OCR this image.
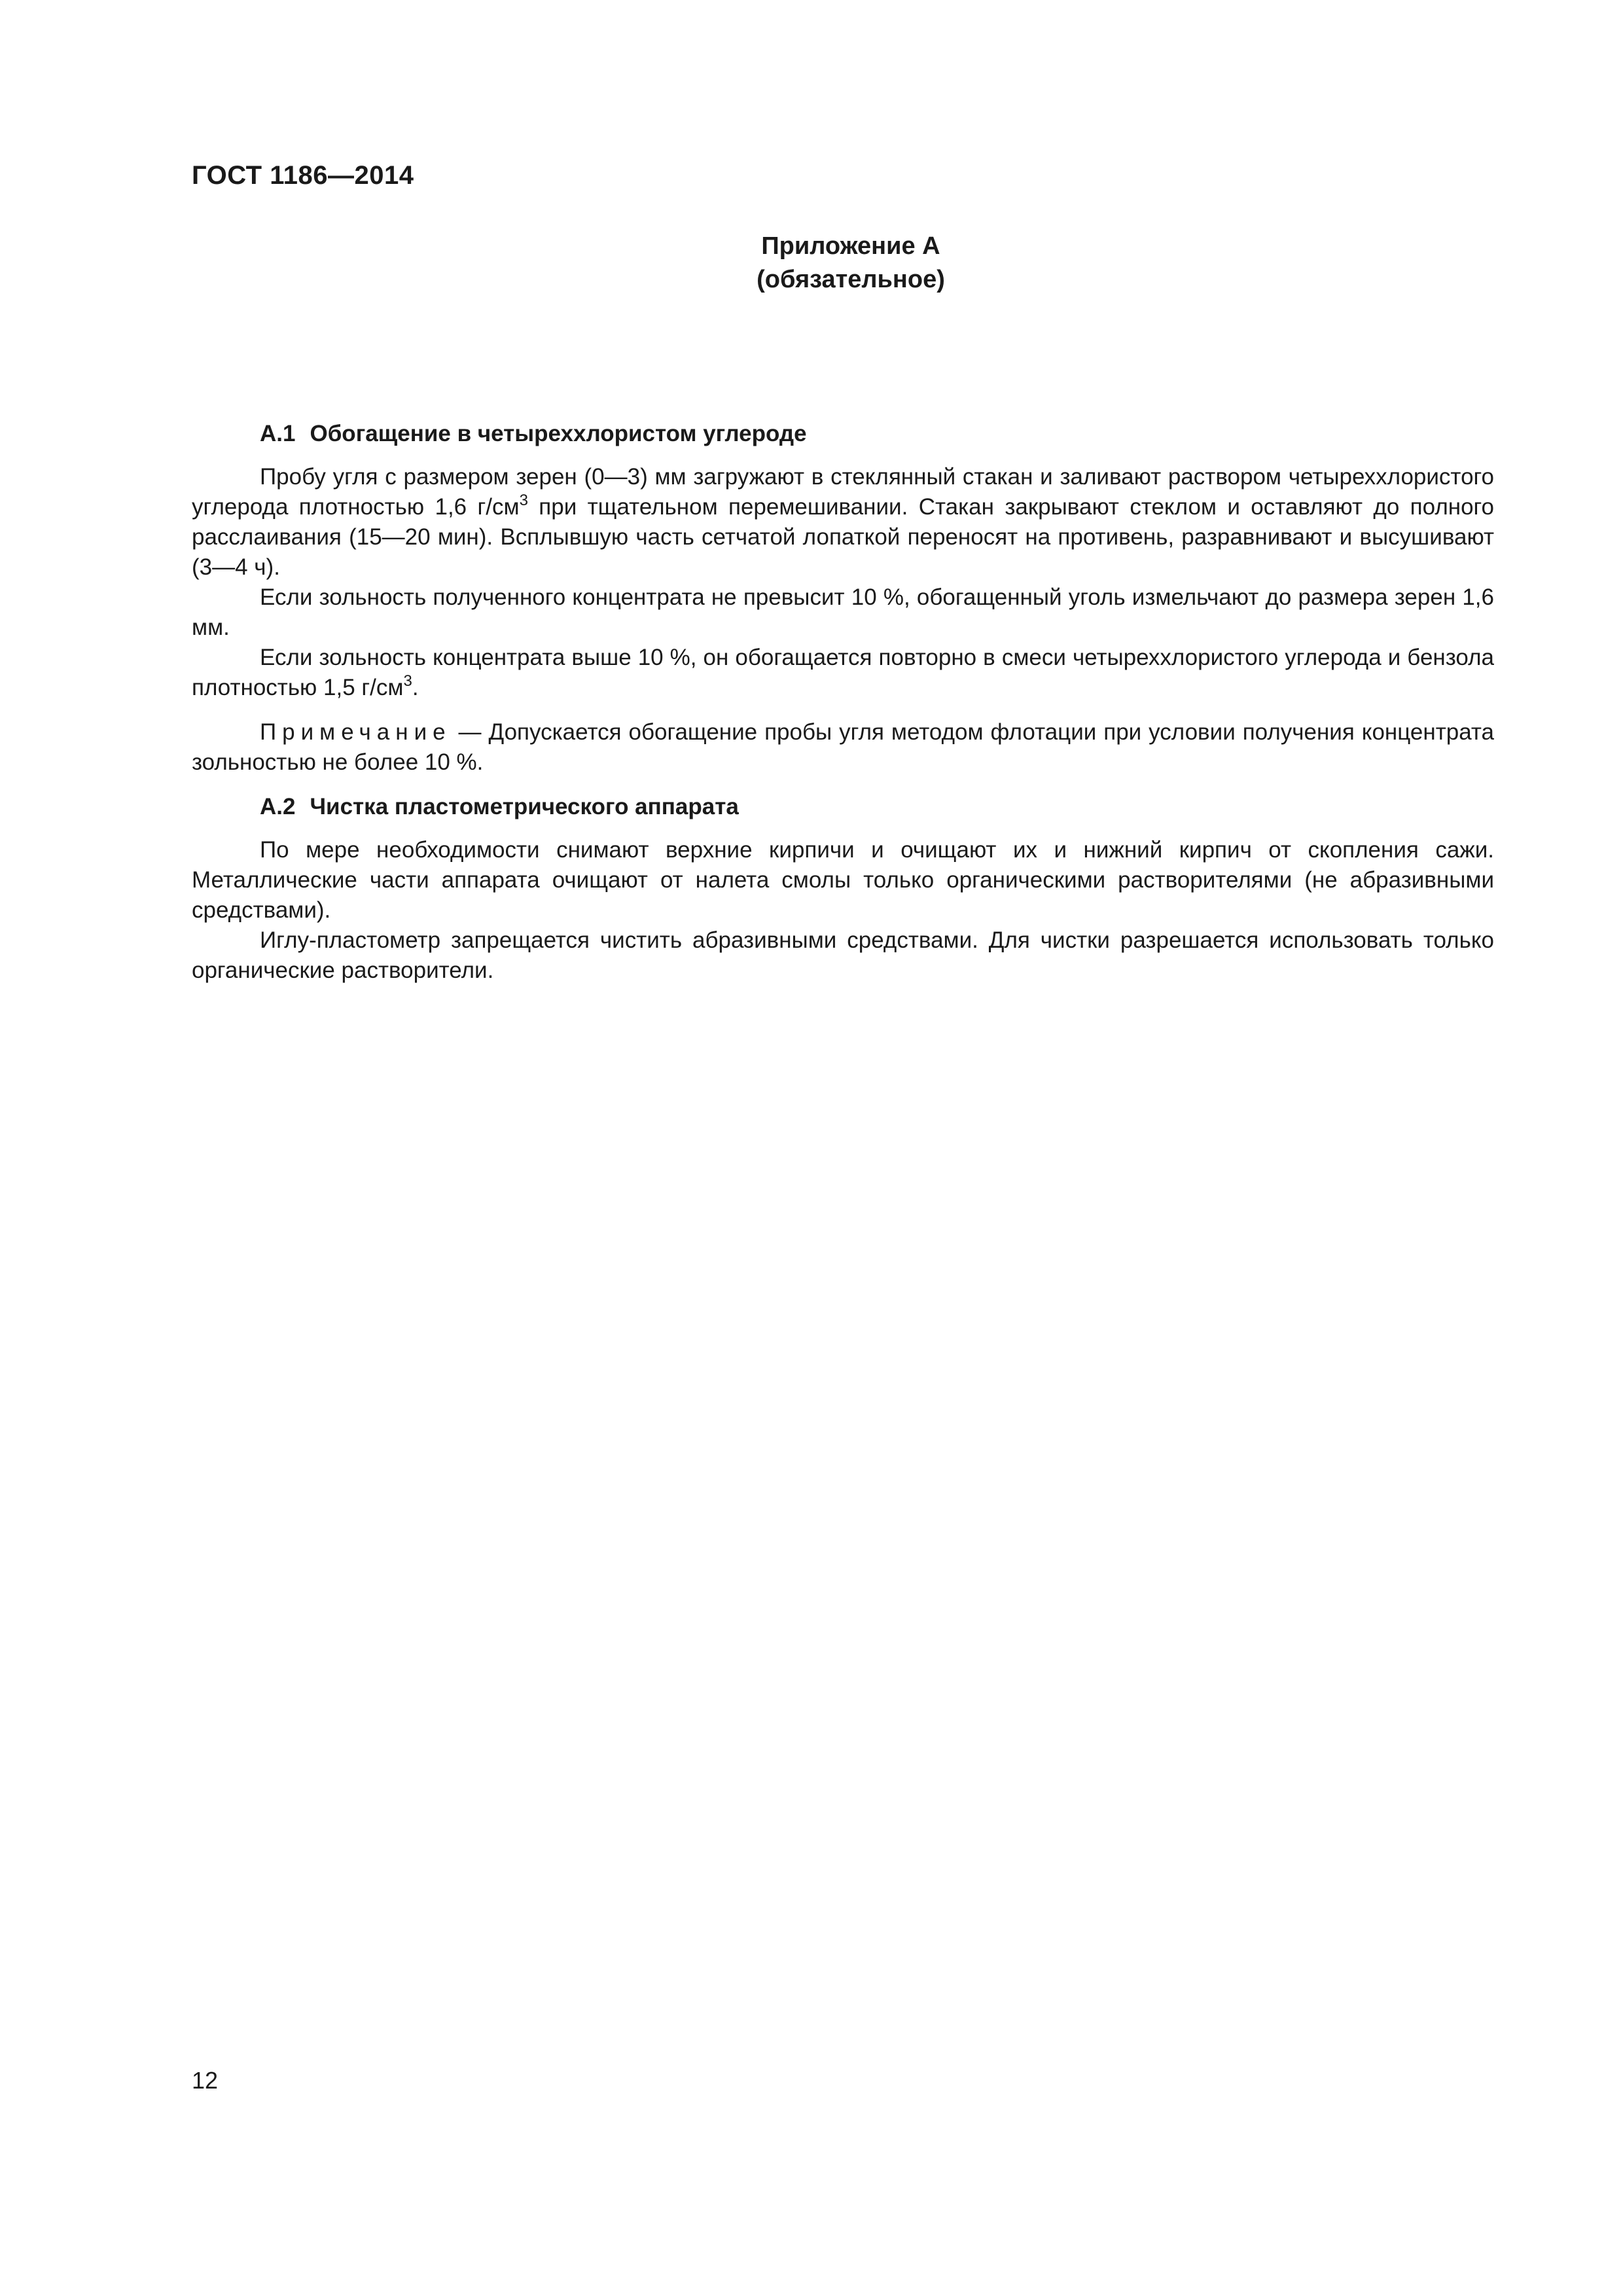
ГОСТ 1186—2014
Приложение А
(обязательное)
А.1 Обогащение в четыреххлористом углероде

Пробу угля с размером зерен (0—3) мм загружают в стеклянный стакан и заливают раствором четыреххлористого углерода плотностью 1,6 $г/см^3$ при тщательном перемешивании. Стакан закрывают стеклом и оставляют до полного расслаивания (15—20 мин). Всплывшую часть сетчатой лопаткой переносят на противень, разравнивают и высушивают (3—4 ч).

Если зольность полученного концентрата не превысит 10 %, обогащенный уголь измельчают до размера зерен 1,6 мм.

Если зольность концентрата выше 10 %, он обогащается повторно в смеси четыреххлористого углерода и бензола плотностью 1,5 $г/см^3$.

Примечание — Допускается обогащение пробы угля методом флотации при условии получения концентрата зольностью не более 10 %.

А.2 Чистка пластометрического аппарата

По мере необходимости снимают верхние кирпичи и очищают их и нижний кирпич от скопления сажи. Металлические части аппарата очищают от налета смолы только органическими растворителями (не абразивными средствами).

Иглу-пластометр запрещается чистить абразивными средствами. Для чистки разрешается использовать только органические растворители.

12
